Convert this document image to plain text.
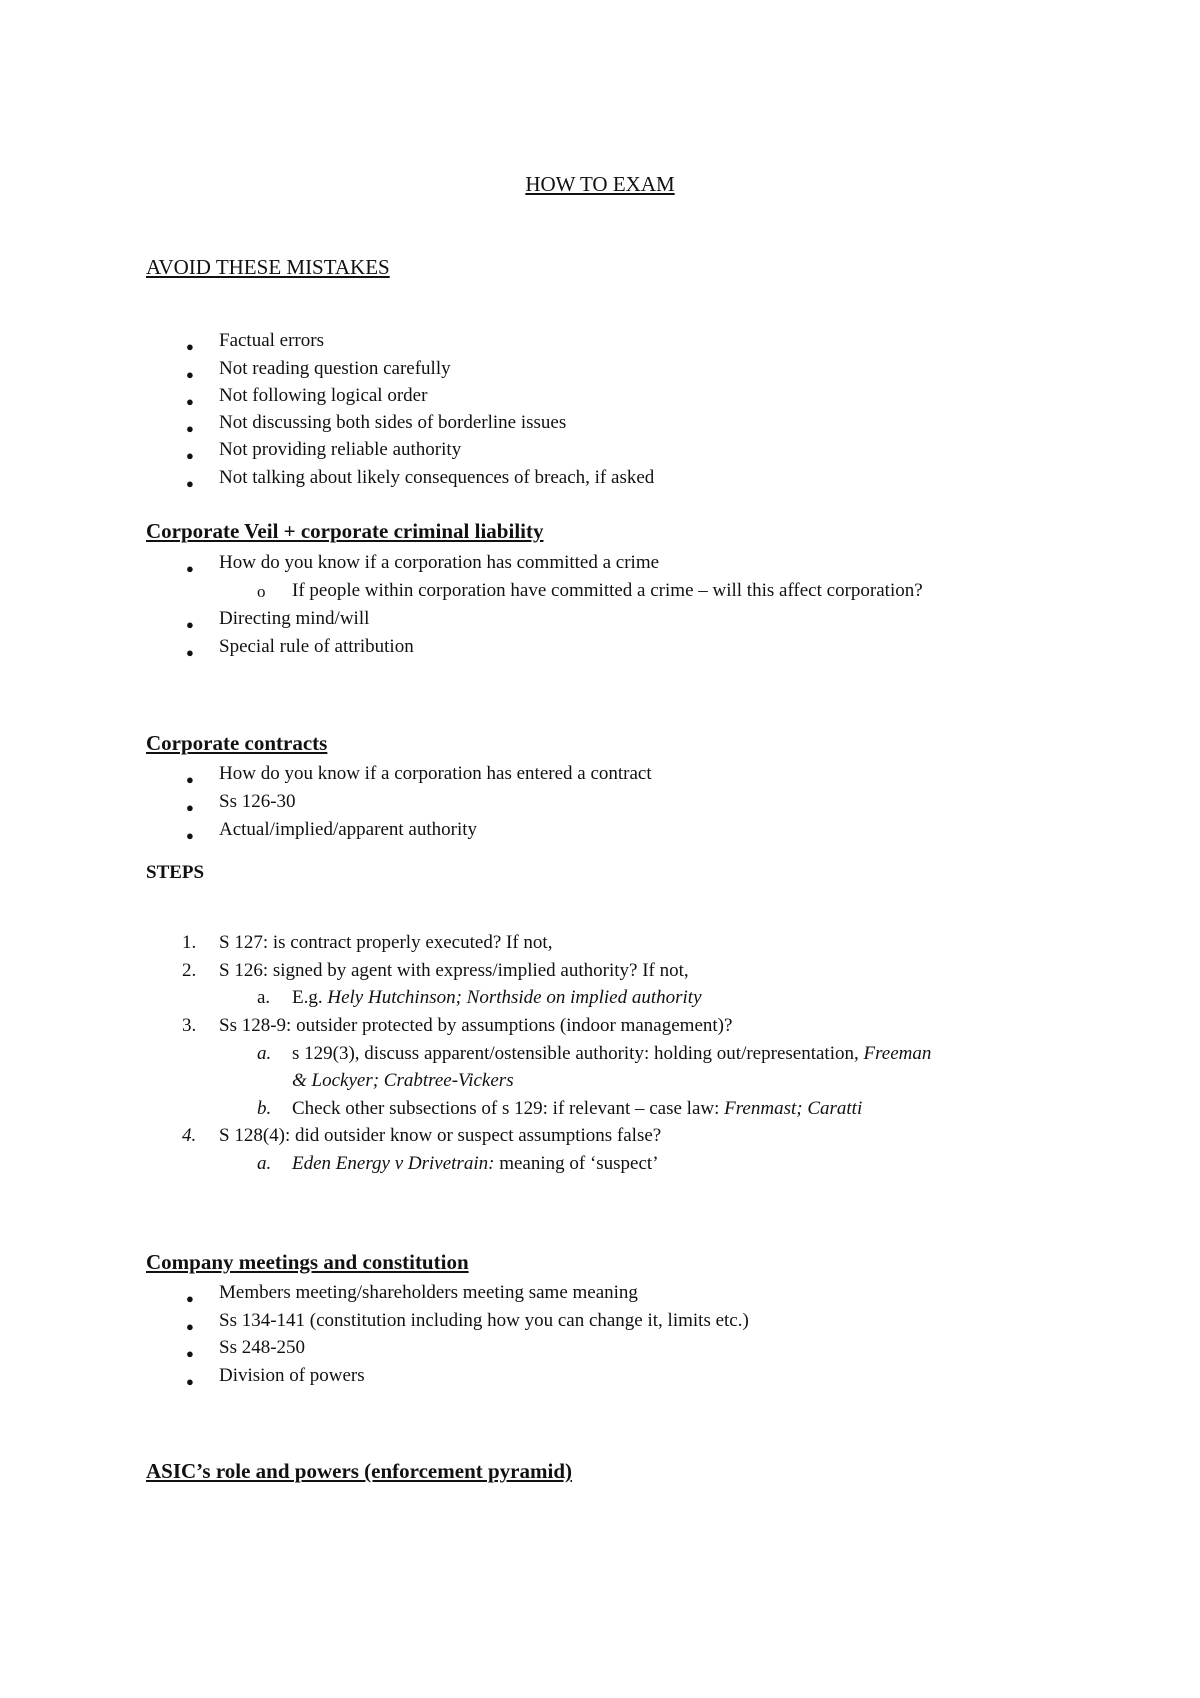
HOW TO EXAM
AVOID THESE MISTAKES
● Factual errors
● Not reading question carefully
● Not following logical order
● Not discussing both sides of borderline issues
● Not providing reliable authority
● Not talking about likely consequences of breach, if asked
Corporate Veil + corporate criminal liability
● How do you know if a corporation has committed a crime
o If people within corporation have committed a crime – will this affect corporation?
● Directing mind/will
● Special rule of attribution
Corporate contracts
● How do you know if a corporation has entered a contract
● Ss 126-30
● Actual/implied/apparent authority
STEPS
1. S 127: is contract properly executed? If not,
2. S 126: signed by agent with express/implied authority? If not,
a. E.g. Hely Hutchinson; Northside on implied authority
3. Ss 128-9: outsider protected by assumptions (indoor management)?
a. s 129(3), discuss apparent/ostensible authority: holding out/representation, Freeman
& Lockyer; Crabtree-Vickers
b. Check other subsections of s 129: if relevant – case law: Frenmast; Caratti
4. S 128(4): did outsider know or suspect assumptions false?
a. Eden Energy v Drivetrain: meaning of ‘suspect’
Company meetings and constitution
● Members meeting/shareholders meeting same meaning
● Ss 134-141 (constitution including how you can change it, limits etc.)
● Ss 248-250
● Division of powers
ASIC’s role and powers (enforcement pyramid)
